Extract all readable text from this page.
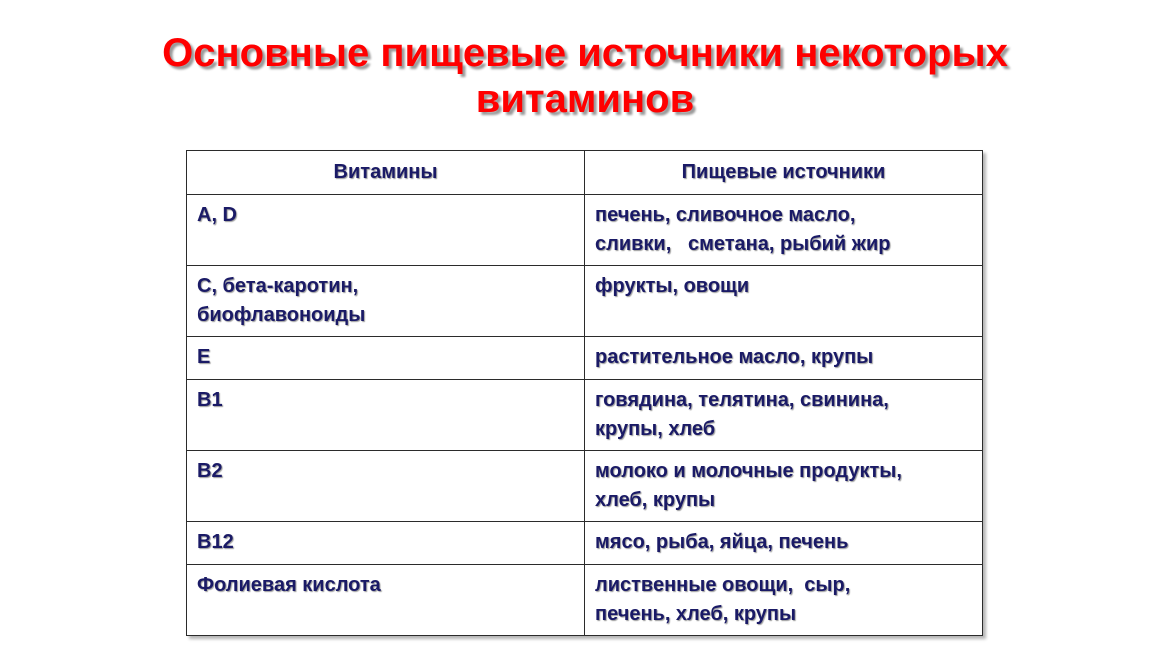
Основные пищевые источники некоторых
витаминов
Витамины	Пищевые источники

A, D	печень, сливочное масло,
сливки,   сметана, рыбий жир

C, бета-каротин,
биофлавоноиды	фрукты, овощи

E	растительное масло, крупы

B1	говядина, телятина, свинина,
крупы, хлеб

B2	молоко и молочные продукты,
хлеб, крупы

B12	мясо, рыба, яйца, печень

Фолиевая кислота	лиственные овощи,  сыр,
печень, хлеб, крупы
